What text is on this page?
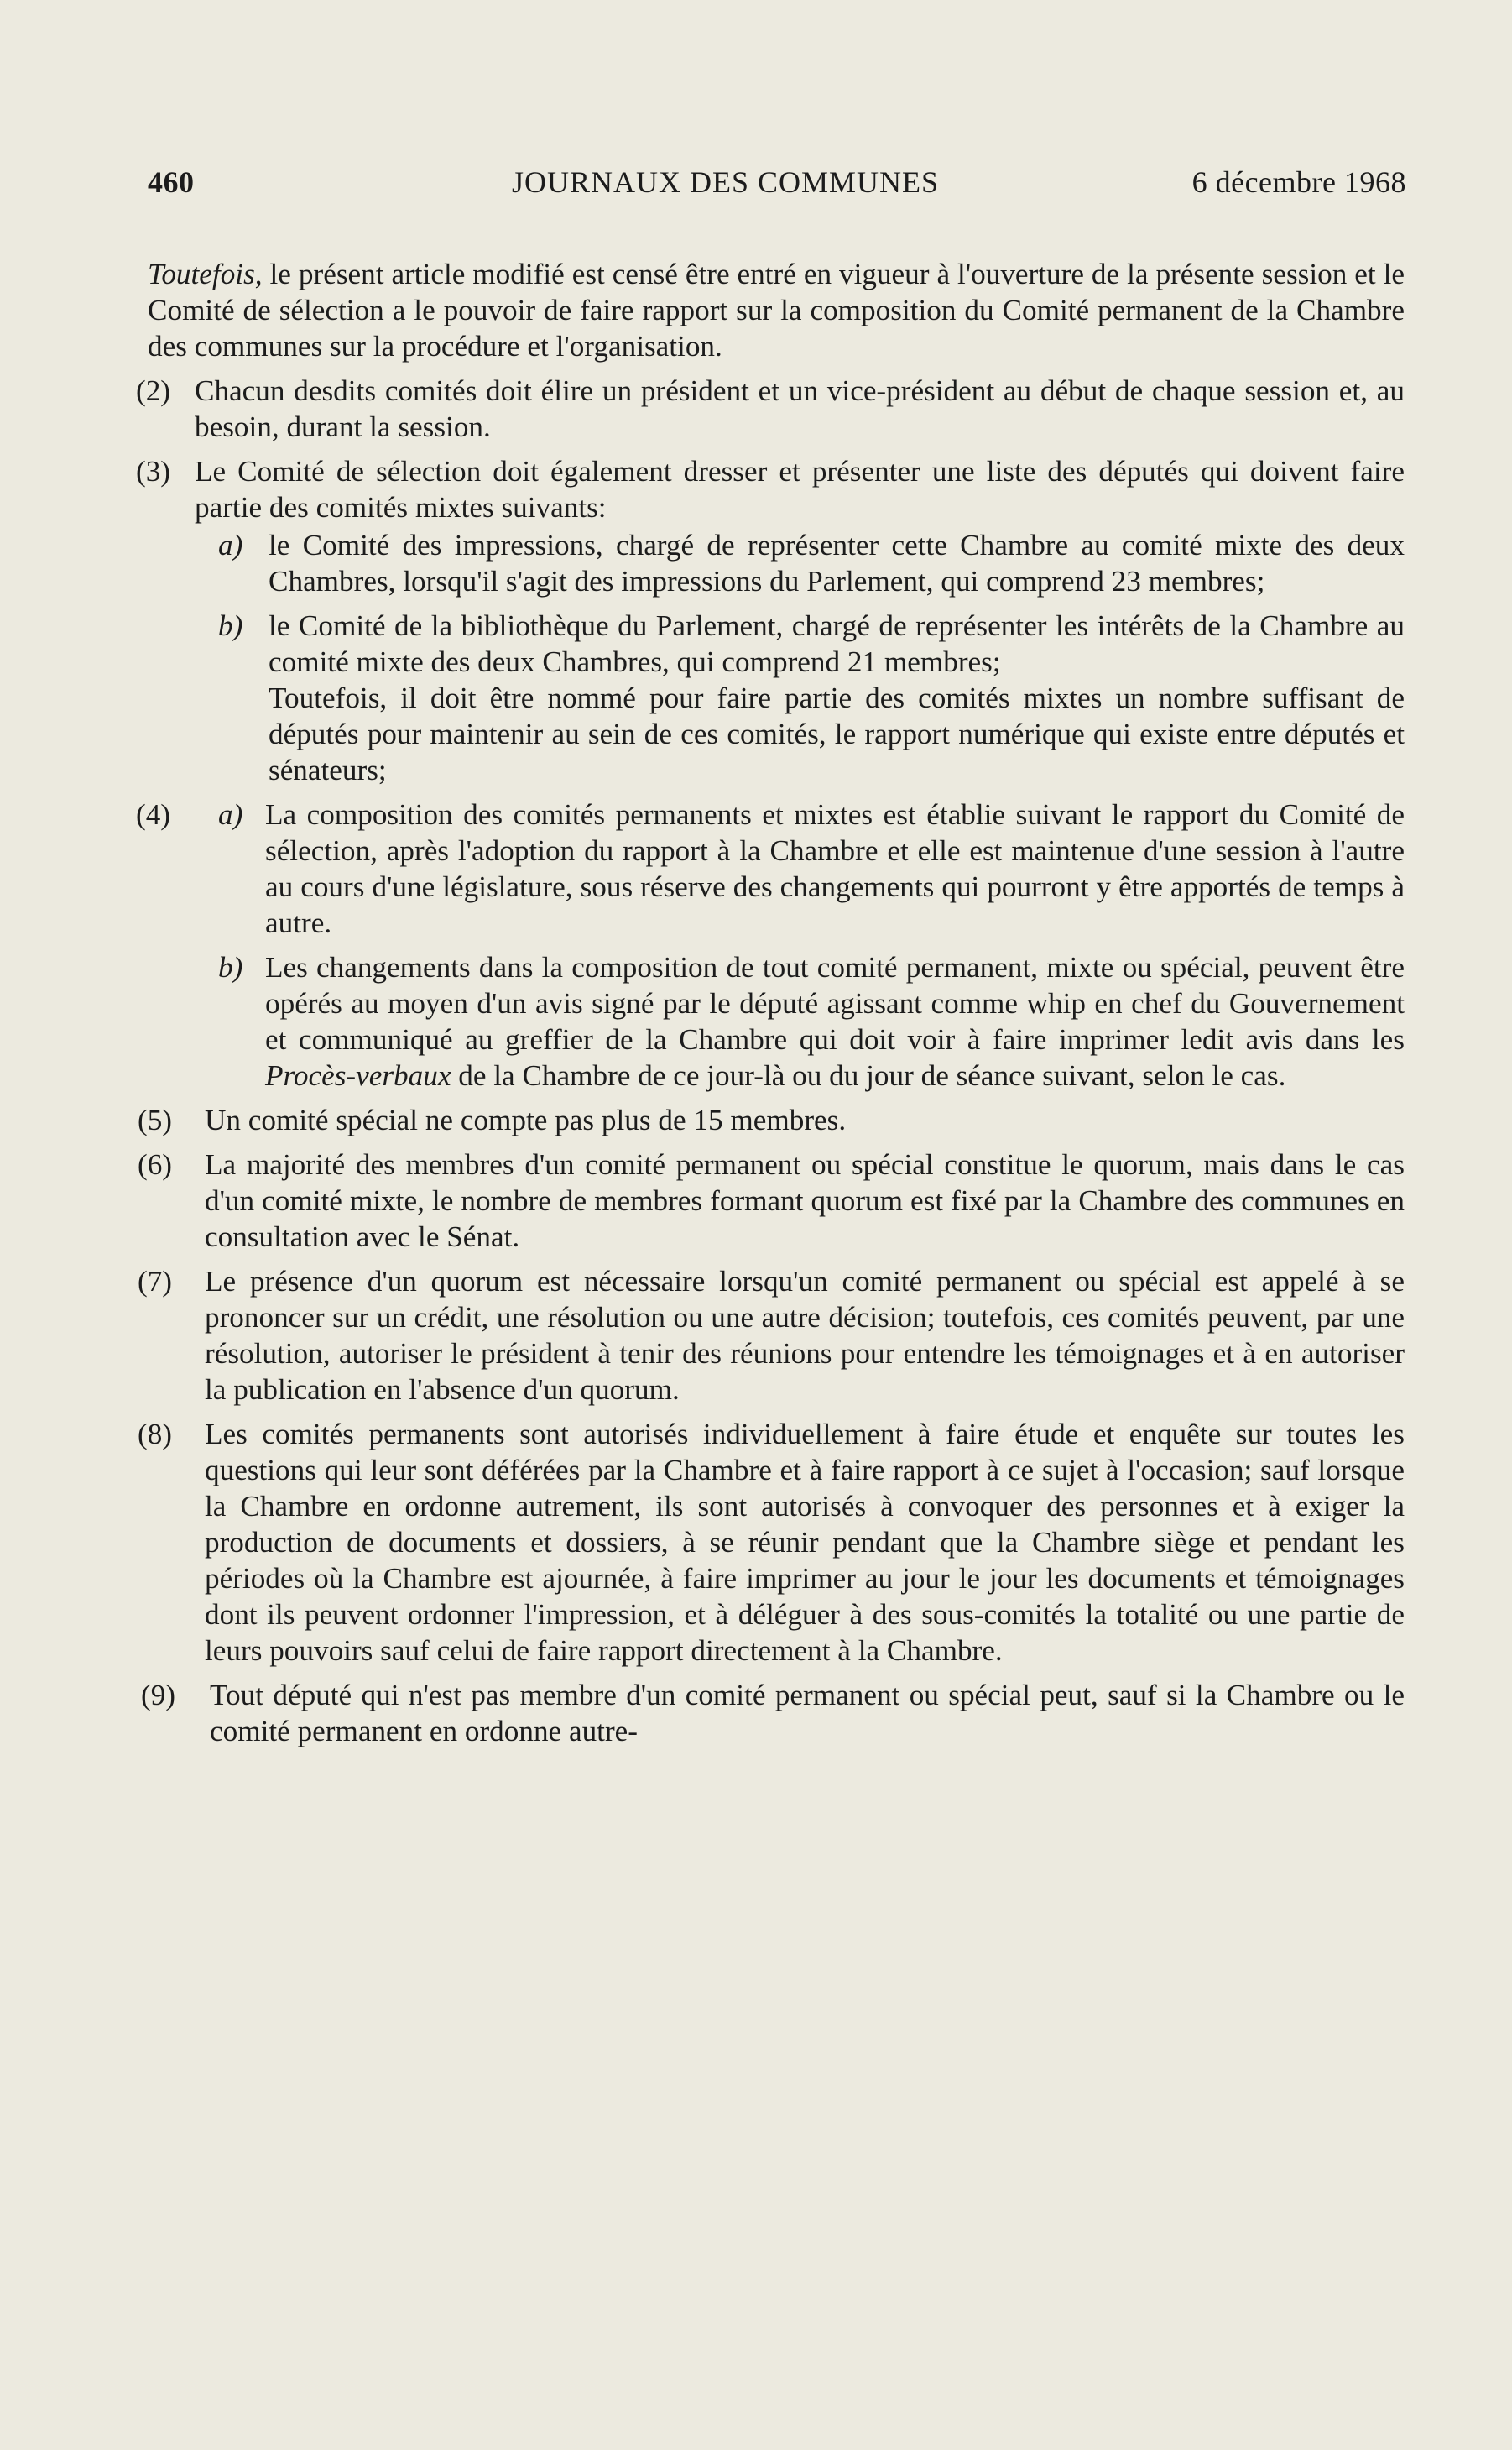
460	JOURNAUX DES COMMUNES	6 décembre 1968

Toutefois, le présent article modifié est censé être entré en vigueur à l'ouverture de la présente session et le Comité de sélection a le pouvoir de faire rapport sur la composition du Comité permanent de la Chambre des communes sur la procédure et l'organisation.

(2) Chacun desdits comités doit élire un président et un vice-président au début de chaque session et, au besoin, durant la session.
(3) Le Comité de sélection doit également dresser et présenter une liste des députés qui doivent faire partie des comités mixtes suivants:
a) le Comité des impressions, chargé de représenter cette Chambre au comité mixte des deux Chambres, lorsqu'il s'agit des impressions du Parlement, qui comprend 23 membres;
b) le Comité de la bibliothèque du Parlement, chargé de représenter les intérêts de la Chambre au comité mixte des deux Chambres, qui comprend 21 membres;
Toutefois, il doit être nommé pour faire partie des comités mixtes un nombre suffisant de députés pour maintenir au sein de ces comités, le rapport numérique qui existe entre députés et sénateurs;
(4) a) La composition des comités permanents et mixtes est établie suivant le rapport du Comité de sélection, après l'adoption du rapport à la Chambre et elle est maintenue d'une session à l'autre au cours d'une législature, sous réserve des changements qui pourront y être apportés de temps à autre.
b) Les changements dans la composition de tout comité permanent, mixte ou spécial, peuvent être opérés au moyen d'un avis signé par le député agissant comme whip en chef du Gouvernement et communiqué au greffier de la Chambre qui doit voir à faire imprimer ledit avis dans les Procès-verbaux de la Chambre de ce jour-là ou du jour de séance suivant, selon le cas.
(5) Un comité spécial ne compte pas plus de 15 membres.
(6) La majorité des membres d'un comité permanent ou spécial constitue le quorum, mais dans le cas d'un comité mixte, le nombre de membres formant quorum est fixé par la Chambre des communes en consultation avec le Sénat.
(7) Le présence d'un quorum est nécessaire lorsqu'un comité permanent ou spécial est appelé à se prononcer sur un crédit, une résolution ou une autre décision; toutefois, ces comités peuvent, par une résolution, autoriser le président à tenir des réunions pour entendre les témoignages et à en autoriser la publication en l'absence d'un quorum.
(8) Les comités permanents sont autorisés individuellement à faire étude et enquête sur toutes les questions qui leur sont déférées par la Chambre et à faire rapport à ce sujet à l'occasion; sauf lorsque la Chambre en ordonne autrement, ils sont autorisés à convoquer des personnes et à exiger la production de documents et dossiers, à se réunir pendant que la Chambre siège et pendant les périodes où la Chambre est ajournée, à faire imprimer au jour le jour les documents et témoignages dont ils peuvent ordonner l'impression, et à déléguer à des sous-comités la totalité ou une partie de leurs pouvoirs sauf celui de faire rapport directement à la Chambre.
(9) Tout député qui n'est pas membre d'un comité permanent ou spécial peut, sauf si la Chambre ou le comité permanent en ordonne autre-
